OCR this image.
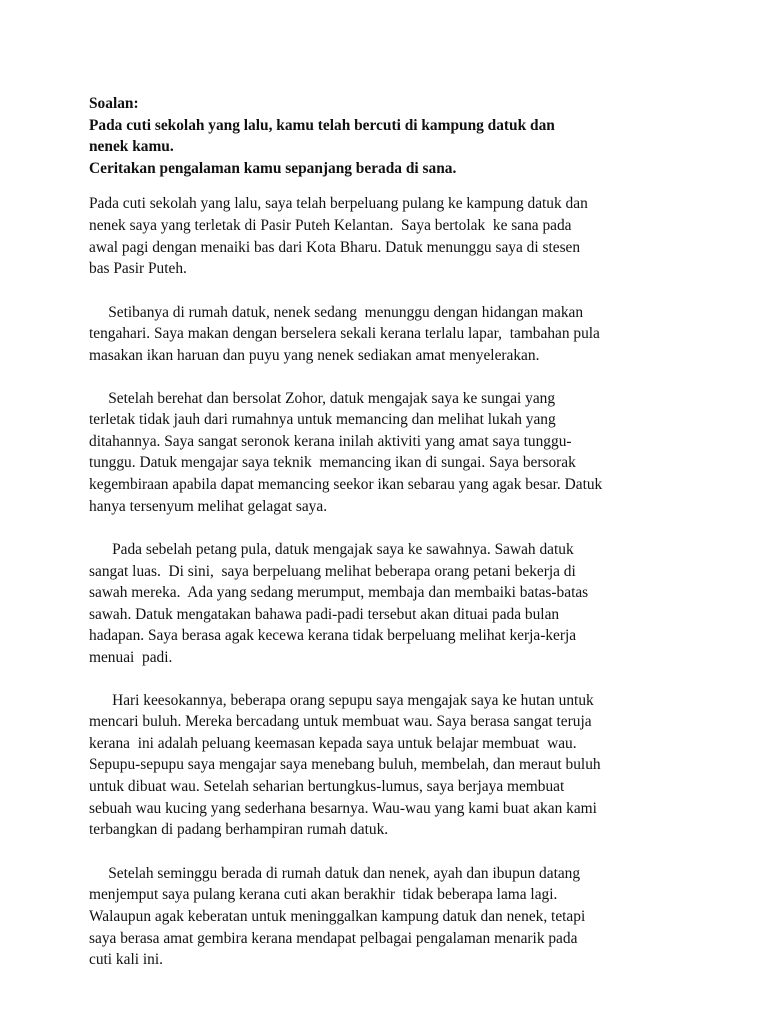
Soalan:
Pada cuti sekolah yang lalu, kamu telah bercuti di kampung datuk dan
nenek kamu.
Ceritakan pengalaman kamu sepanjang berada di sana.
Pada cuti sekolah yang lalu, saya telah berpeluang pulang ke kampung datuk dan
nenek saya yang terletak di Pasir Puteh Kelantan.  Saya bertolak  ke sana pada
awal pagi dengan menaiki bas dari Kota Bharu. Datuk menunggu saya di stesen
bas Pasir Puteh.
Setibanya di rumah datuk, nenek sedang  menunggu dengan hidangan makan
tengahari. Saya makan dengan berselera sekali kerana terlalu lapar,  tambahan pula
masakan ikan haruan dan puyu yang nenek sediakan amat menyelerakan.
Setelah berehat dan bersolat Zohor, datuk mengajak saya ke sungai yang
terletak tidak jauh dari rumahnya untuk memancing dan melihat lukah yang
ditahannya. Saya sangat seronok kerana inilah aktiviti yang amat saya tunggu-
tunggu. Datuk mengajar saya teknik  memancing ikan di sungai. Saya bersorak
kegembiraan apabila dapat memancing seekor ikan sebarau yang agak besar. Datuk
hanya tersenyum melihat gelagat saya.
Pada sebelah petang pula, datuk mengajak saya ke sawahnya. Sawah datuk
sangat luas.  Di sini,  saya berpeluang melihat beberapa orang petani bekerja di
sawah mereka.  Ada yang sedang merumput, membaja dan membaiki batas-batas
sawah. Datuk mengatakan bahawa padi-padi tersebut akan dituai pada bulan
hadapan. Saya berasa agak kecewa kerana tidak berpeluang melihat kerja-kerja
menuai  padi.
Hari keesokannya, beberapa orang sepupu saya mengajak saya ke hutan untuk
mencari buluh. Mereka bercadang untuk membuat wau. Saya berasa sangat teruja
kerana  ini adalah peluang keemasan kepada saya untuk belajar membuat  wau.
Sepupu-sepupu saya mengajar saya menebang buluh, membelah, dan meraut buluh
untuk dibuat wau. Setelah seharian bertungkus-lumus, saya berjaya membuat
sebuah wau kucing yang sederhana besarnya. Wau-wau yang kami buat akan kami
terbangkan di padang berhampiran rumah datuk.
Setelah seminggu berada di rumah datuk dan nenek, ayah dan ibupun datang
menjemput saya pulang kerana cuti akan berakhir  tidak beberapa lama lagi.
Walaupun agak keberatan untuk meninggalkan kampung datuk dan nenek, tetapi
saya berasa amat gembira kerana mendapat pelbagai pengalaman menarik pada
cuti kali ini.
